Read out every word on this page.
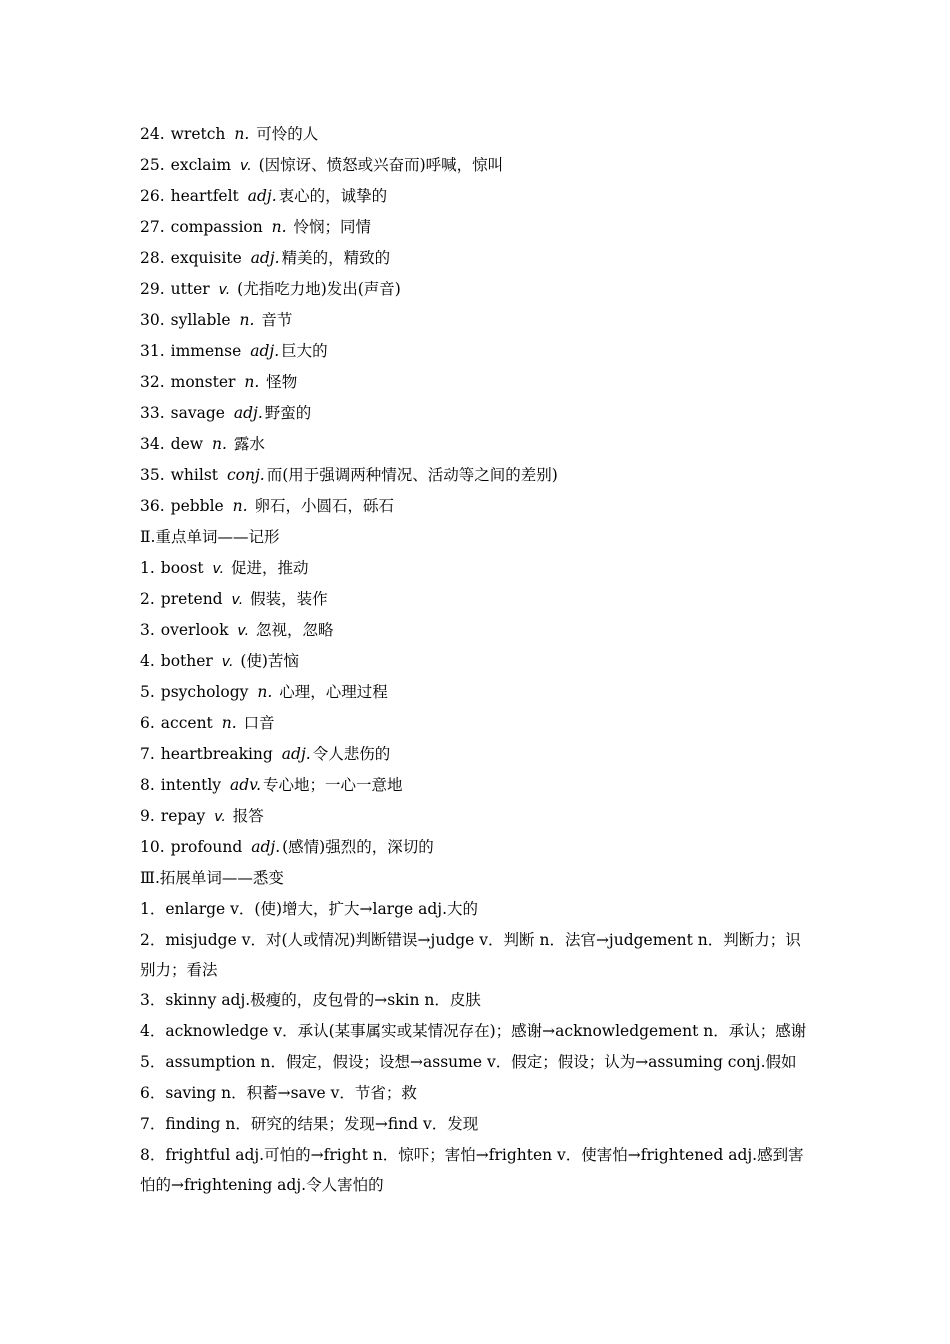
24. wretch n. 可怜的人
25. exclaim v. (因惊讶、愤怒或兴奋而)呼喊，惊叫
26. heartfelt adj. 衷心的，诚挚的
27. compassion n. 怜悯；同情
28. exquisite adj. 精美的，精致的
29. utter v. (尤指吃力地)发出(声音)
30. syllable n. 音节
31. immense adj. 巨大的
32. monster n. 怪物
33. savage adj. 野蛮的
34. dew n. 露水
35. whilst conj. 而(用于强调两种情况、活动等之间的差别)
36. pebble n. 卵石，小圆石，砾石
Ⅱ.重点单词——记形
1. boost v. 促进，推动
2. pretend v. 假装，装作
3. overlook v. 忽视，忽略
4. bother v. (使)苦恼
5. psychology n. 心理，心理过程
6. accent n. 口音
7. heartbreaking adj. 令人悲伤的
8. intently adv. 专心地；一心一意地
9. repay v. 报答
10. profound adj. (感情)强烈的，深切的
Ⅲ.拓展单词——悉变
1．enlarge v．(使)增大，扩大→large adj.大的
2．misjudge v．对(人或情况)判断错误→judge v．判断 n．法官→judgement n．判断力；识别力；看法
3．skinny adj.极瘦的，皮包骨的→skin n．皮肤
4．acknowledge v．承认(某事属实或某情况存在)；感谢→acknowledgement n．承认；感谢
5．assumption n．假定，假设；设想→assume v．假定；假设；认为→assuming conj.假如
6．saving n．积蓄→save v．节省；救
7．finding n．研究的结果；发现→find v．发现
8．frightful adj.可怕的→fright n．惊吓；害怕→frighten v．使害怕→frightened adj.感到害怕的→frightening adj.令人害怕的
